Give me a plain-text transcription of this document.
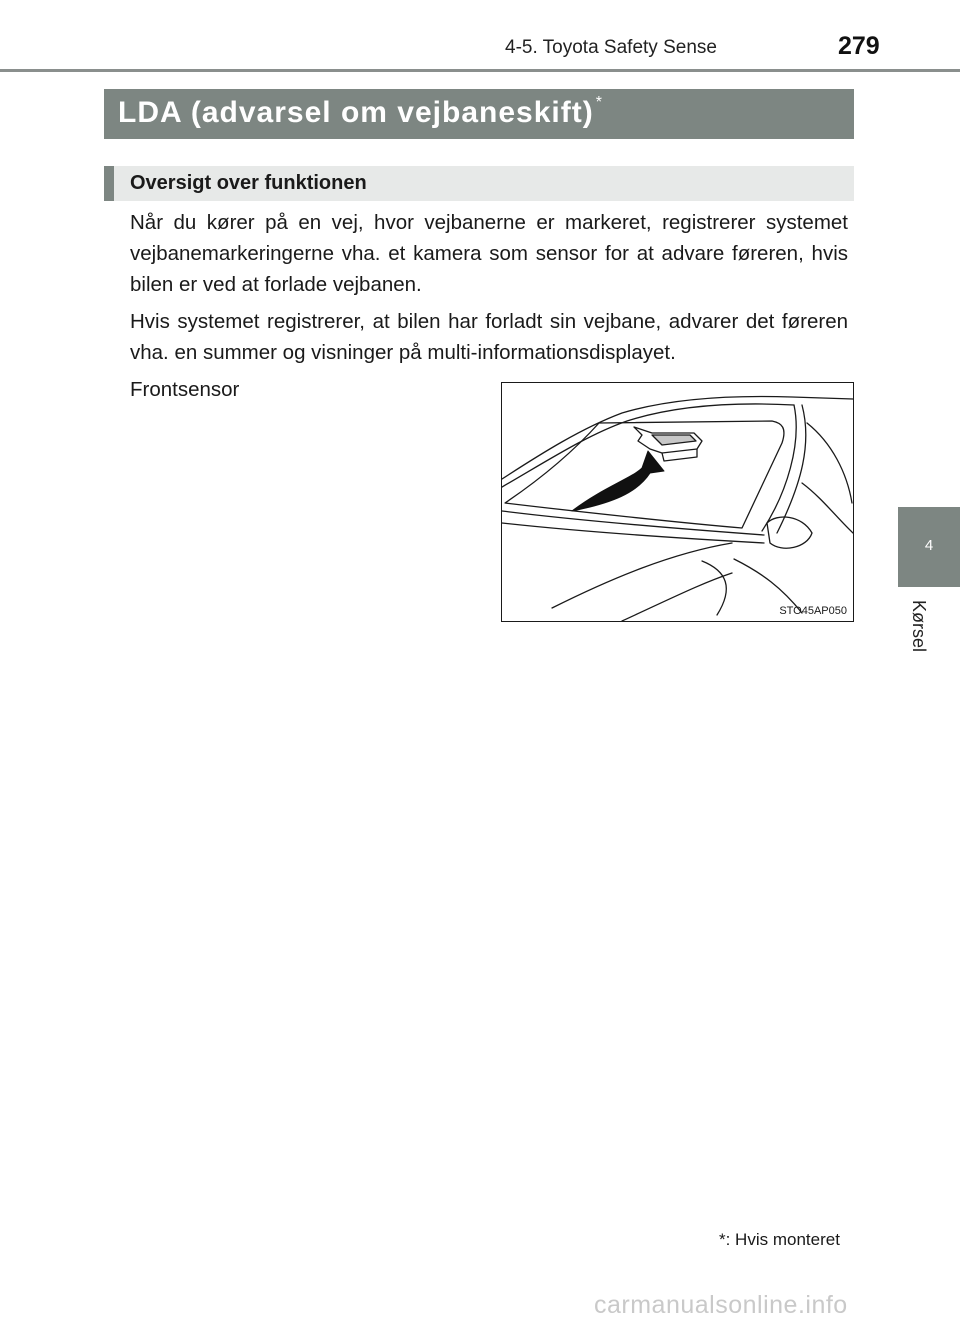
4-5. Toyota Safety Sense	279
LDA (advarsel om vejbaneskift) *
Oversigt over funktionen

Når du kører på en vej, hvor vejbanerne er markeret, registrerer systemet vejbanemarkeringerne vha. et kamera som sensor for at advare føreren, hvis bilen er ved at forlade vejbanen.

Hvis systemet registrerer, at bilen har forladt sin vejbane, advarer det føreren vha. en summer og visninger på multi-informationsdisplayet.

Frontsensor

STO45AP050
4
Kørsel
*: Hvis monteret
carmanualsonline.info
